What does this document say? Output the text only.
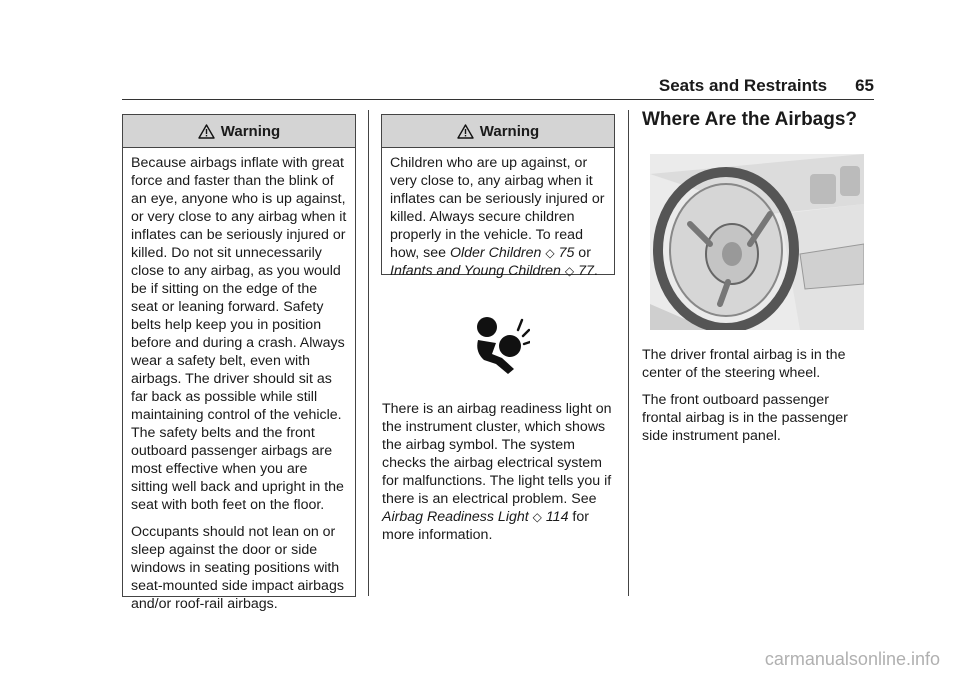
Seats and Restraints 65
Warning

Because airbags inflate with great force and faster than the blink of an eye, anyone who is up against, or very close to any airbag when it inflates can be seriously injured or killed. Do not sit unnecessarily close to any airbag, as you would be if sitting on the edge of the seat or leaning forward. Safety belts help keep you in position before and during a crash. Always wear a safety belt, even with airbags. The driver should sit as far back as possible while still maintaining control of the vehicle. The safety belts and the front outboard passenger airbags are most effective when you are sitting well back and upright in the seat with both feet on the floor.

Occupants should not lean on or sleep against the door or side windows in seating positions with seat-mounted side impact airbags and/or roof-rail airbags.

Warning

Children who are up against, or very close to, any airbag when it inflates can be seriously injured or killed. Always secure children properly in the vehicle. To read how, see Older Children ◇ 75 or Infants and Young Children ◇ 77.

There is an airbag readiness light on the instrument cluster, which shows the airbag symbol. The system checks the airbag electrical system for malfunctions. The light tells you if there is an electrical problem. See Airbag Readiness Light ◇ 114 for more information.

Where Are the Airbags?

The driver frontal airbag is in the center of the steering wheel.

The front outboard passenger frontal airbag is in the passenger side instrument panel.

carmanualsonline.info
